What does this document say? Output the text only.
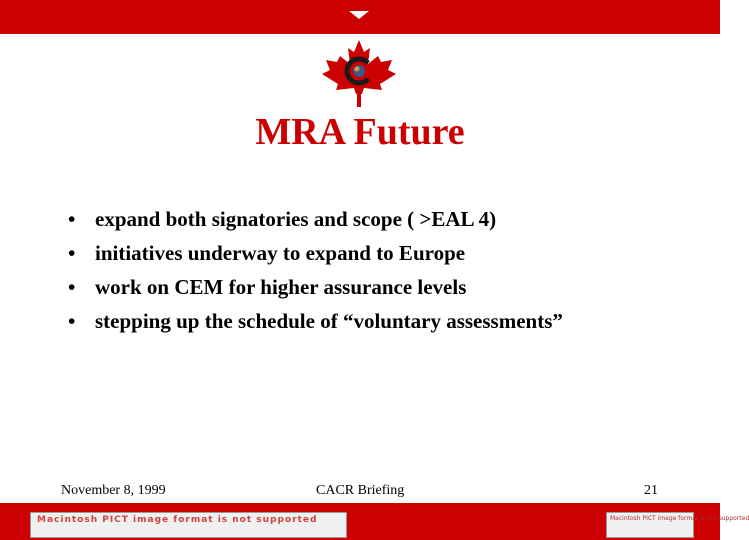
MRA Future
• expand both signatories and scope ( >EAL 4)
• initiatives underway to expand to Europe
• work on CEM for higher assurance levels
• stepping up the schedule of “voluntary assessments”
November 8, 1999	CACR Briefing	21
Macintosh PICT image format is not supported	Macintosh PICT image format is not supported
